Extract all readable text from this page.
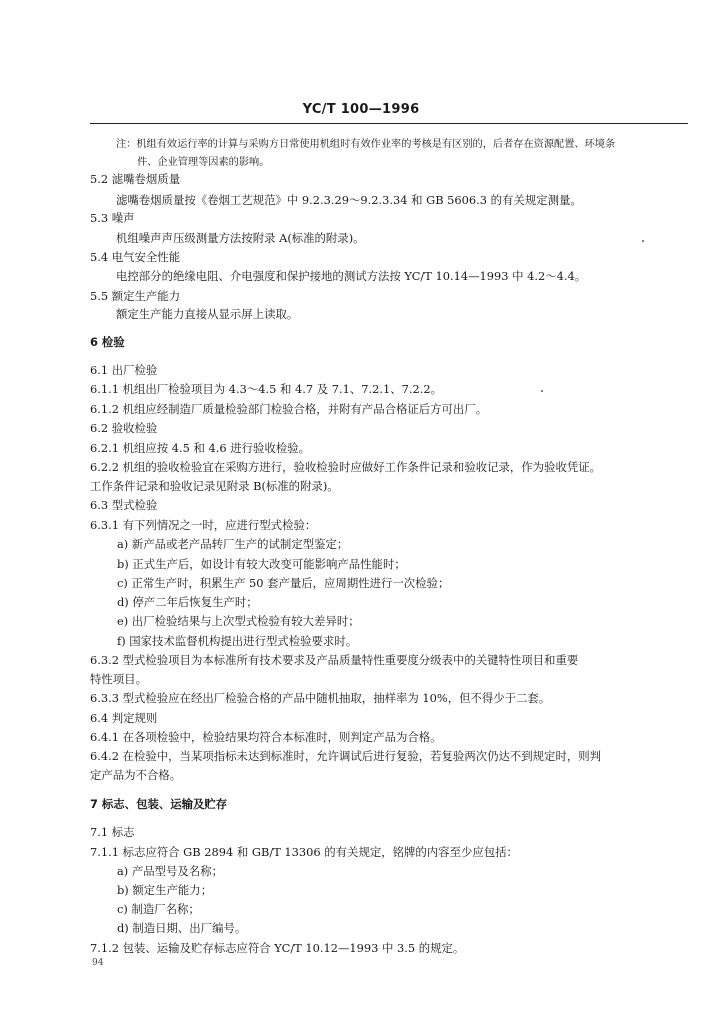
YC/T 100—1996
注：机组有效运行率的计算与采购方日常使用机组时有效作业率的考核是有区别的，后者存在资源配置、环境条
件、企业管理等因素的影响。
5.2 滤嘴卷烟质量
滤嘴卷烟质量按《卷烟工艺规范》中 9.2.3.29～9.2.3.34 和 GB 5606.3 的有关规定测量。
5.3 噪声
机组噪声声压级测量方法按附录 A(标准的附录)。
5.4 电气安全性能
电控部分的绝缘电阻、介电强度和保护接地的测试方法按 YC/T 10.14—1993 中 4.2～4.4。
5.5 额定生产能力
额定生产能力直接从显示屏上读取。
6 检验
6.1 出厂检验
6.1.1 机组出厂检验项目为 4.3～4.5 和 4.7 及 7.1、7.2.1、7.2.2。
6.1.2 机组应经制造厂质量检验部门检验合格，并附有产品合格证后方可出厂。
6.2 验收检验
6.2.1 机组应按 4.5 和 4.6 进行验收检验。
6.2.2 机组的验收检验宜在采购方进行，验收检验时应做好工作条件记录和验收记录，作为验收凭证。
工作条件记录和验收记录见附录 B(标准的附录)。
6.3 型式检验
6.3.1 有下列情况之一时，应进行型式检验：
a) 新产品或老产品转厂生产的试制定型鉴定；
b) 正式生产后，如设计有较大改变可能影响产品性能时；
c) 正常生产时，积累生产 50 套产量后，应周期性进行一次检验；
d) 停产二年后恢复生产时；
e) 出厂检验结果与上次型式检验有较大差异时；
f) 国家技术监督机构提出进行型式检验要求时。
6.3.2 型式检验项目为本标准所有技术要求及产品质量特性重要度分级表中的关键特性项目和重要
特性项目。
6.3.3 型式检验应在经出厂检验合格的产品中随机抽取，抽样率为 10%，但不得少于二套。
6.4 判定规则
6.4.1 在各项检验中，检验结果均符合本标准时，则判定产品为合格。
6.4.2 在检验中，当某项指标未达到标准时，允许调试后进行复验，若复验两次仍达不到规定时，则判
定产品为不合格。
7 标志、包装、运输及贮存
7.1 标志
7.1.1 标志应符合 GB 2894 和 GB/T 13306 的有关规定，铭牌的内容至少应包括：
a) 产品型号及名称；
b) 额定生产能力；
c) 制造厂名称；
d) 制造日期、出厂编号。
7.1.2 包装、运输及贮存标志应符合 YC/T 10.12—1993 中 3.5 的规定。
94
